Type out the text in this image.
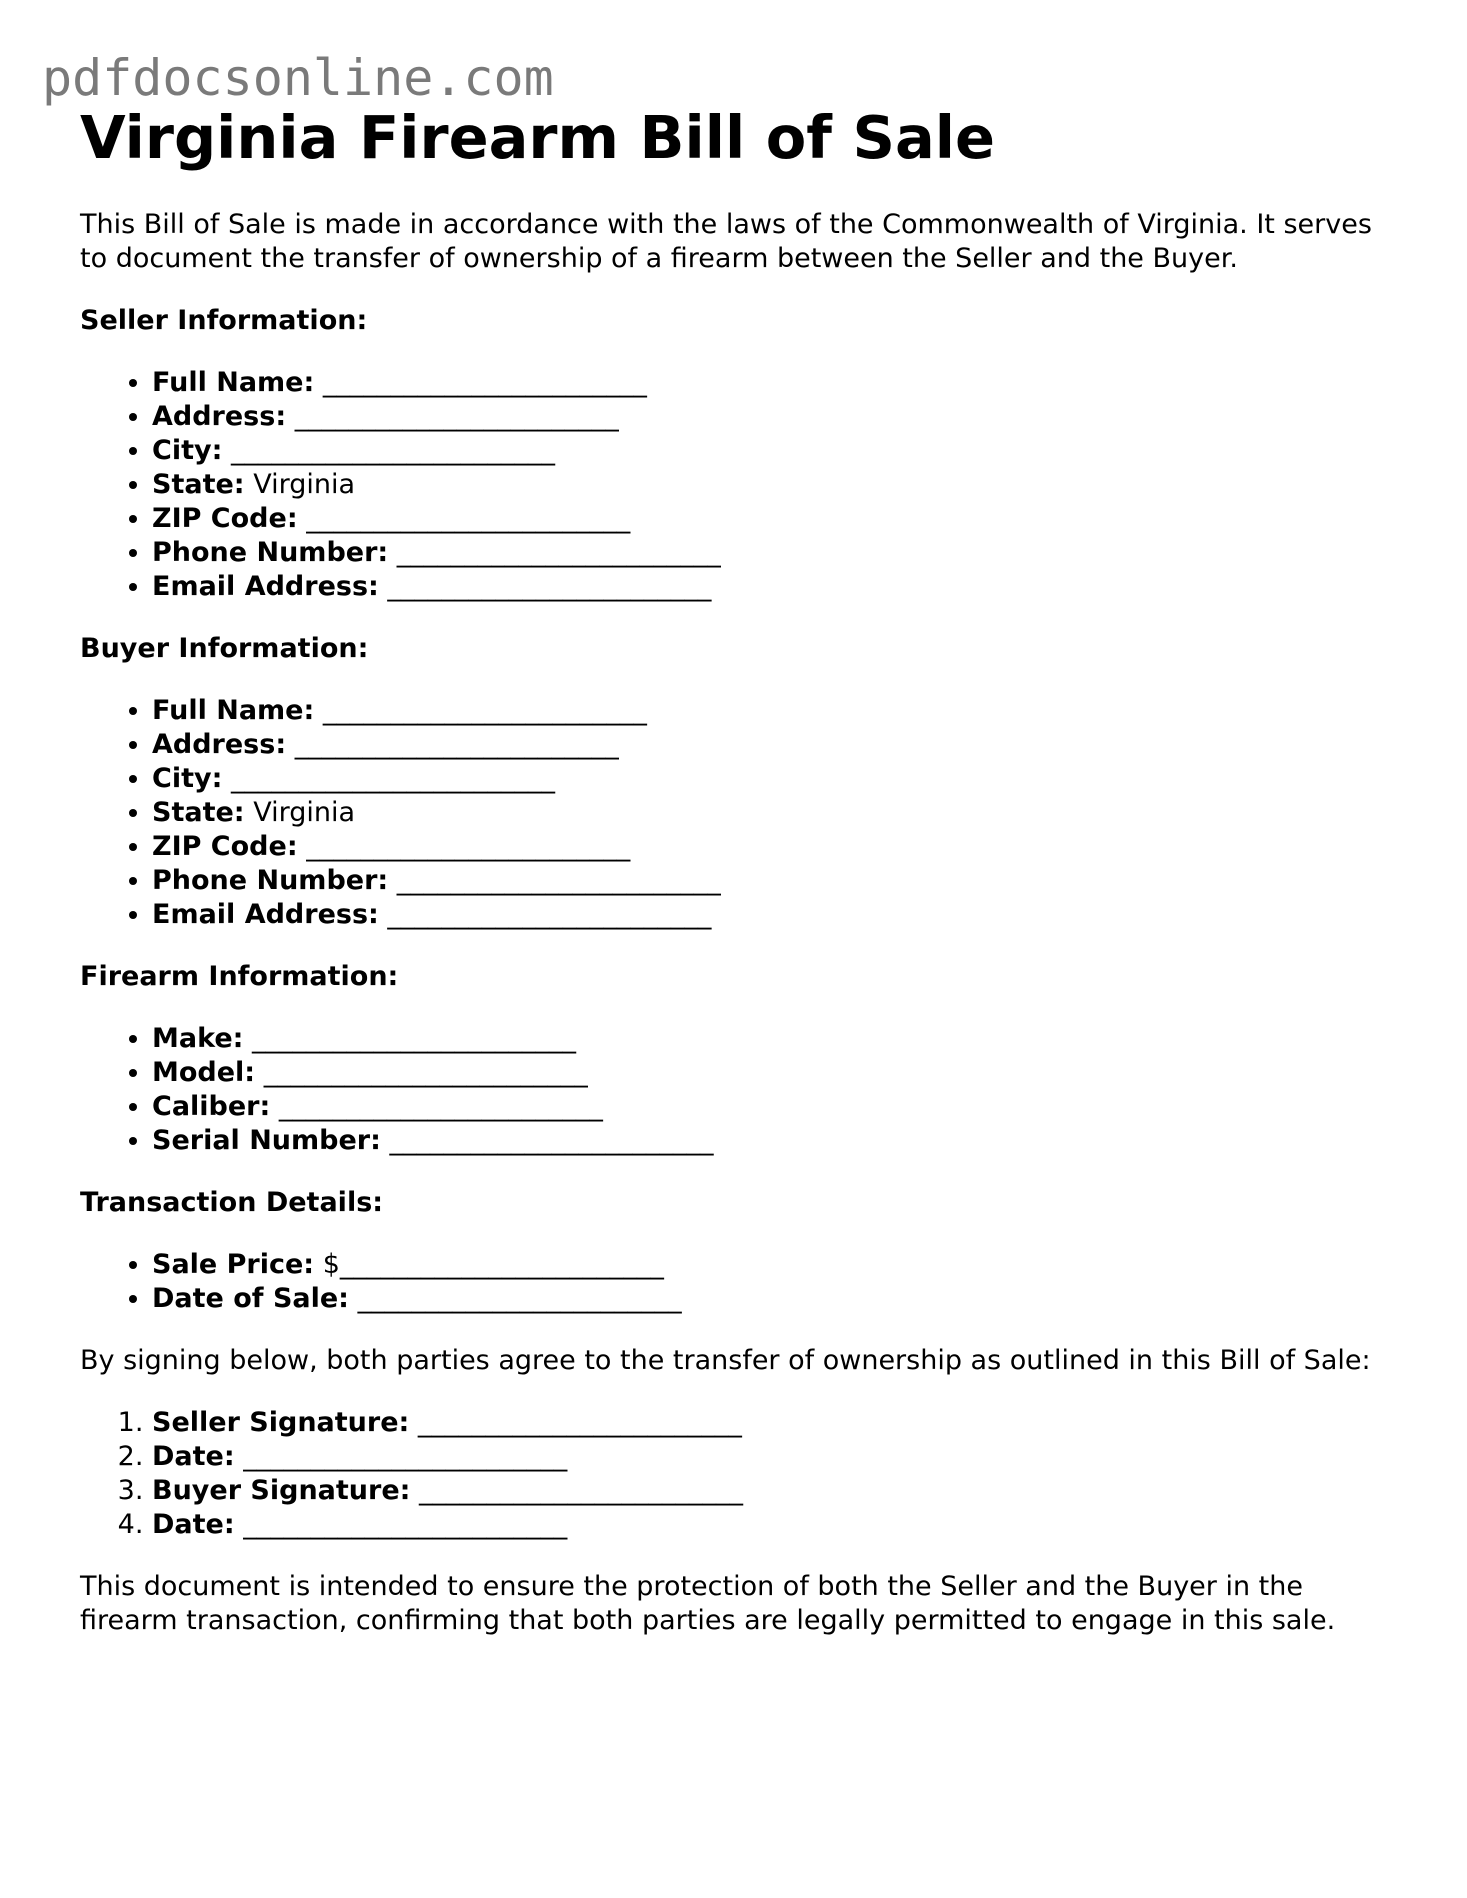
pdfdocsonline.com
Virginia Firearm Bill of Sale

This Bill of Sale is made in accordance with the laws of the Commonwealth of Virginia. It serves to document the transfer of ownership of a firearm between the Seller and the Buyer.

Seller Information:
• Full Name: ________________________
• Address: ________________________
• City: ________________________
• State: Virginia
• ZIP Code: ________________________
• Phone Number: ________________________
• Email Address: ________________________
Buyer Information:
• Full Name: ________________________
• Address: ________________________
• City: ________________________
• State: Virginia
• ZIP Code: ________________________
• Phone Number: ________________________
• Email Address: ________________________
Firearm Information:
• Make: ________________________
• Model: ________________________
• Caliber: ________________________
• Serial Number: ________________________
Transaction Details:
• Sale Price: $________________________
• Date of Sale: ________________________

By signing below, both parties agree to the transfer of ownership as outlined in this Bill of Sale:

1. Seller Signature: ________________________
2. Date: ________________________
3. Buyer Signature: ________________________
4. Date: ________________________

This document is intended to ensure the protection of both the Seller and the Buyer in the firearm transaction, confirming that both parties are legally permitted to engage in this sale.
